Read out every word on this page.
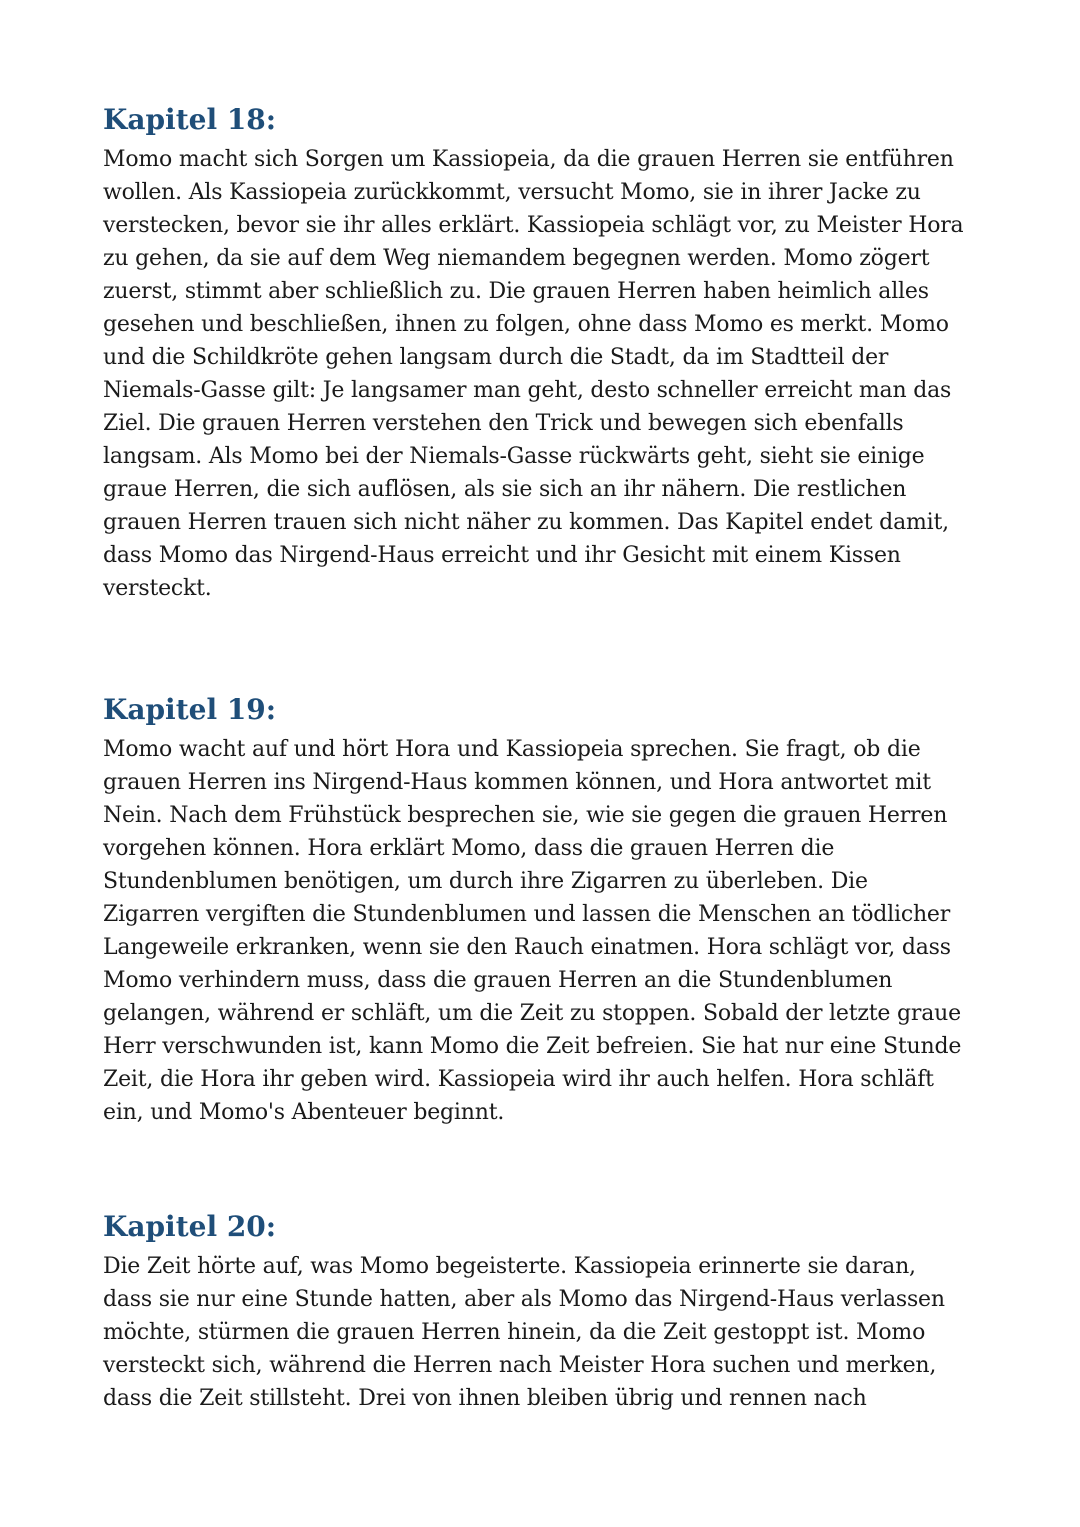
Kapitel 18:

Momo macht sich Sorgen um Kassiopeia, da die grauen Herren sie entführen
wollen. Als Kassiopeia zurückkommt, versucht Momo, sie in ihrer Jacke zu
verstecken, bevor sie ihr alles erklärt. Kassiopeia schlägt vor, zu Meister Hora
zu gehen, da sie auf dem Weg niemandem begegnen werden. Momo zögert
zuerst, stimmt aber schließlich zu. Die grauen Herren haben heimlich alles
gesehen und beschließen, ihnen zu folgen, ohne dass Momo es merkt. Momo
und die Schildkröte gehen langsam durch die Stadt, da im Stadtteil der
Niemals-Gasse gilt: Je langsamer man geht, desto schneller erreicht man das
Ziel. Die grauen Herren verstehen den Trick und bewegen sich ebenfalls
langsam. Als Momo bei der Niemals-Gasse rückwärts geht, sieht sie einige
graue Herren, die sich auflösen, als sie sich an ihr nähern. Die restlichen
grauen Herren trauen sich nicht näher zu kommen. Das Kapitel endet damit,
dass Momo das Nirgend-Haus erreicht und ihr Gesicht mit einem Kissen
versteckt.

Kapitel 19:

Momo wacht auf und hört Hora und Kassiopeia sprechen. Sie fragt, ob die
grauen Herren ins Nirgend-Haus kommen können, und Hora antwortet mit
Nein. Nach dem Frühstück besprechen sie, wie sie gegen die grauen Herren
vorgehen können. Hora erklärt Momo, dass die grauen Herren die
Stundenblumen benötigen, um durch ihre Zigarren zu überleben. Die
Zigarren vergiften die Stundenblumen und lassen die Menschen an tödlicher
Langeweile erkranken, wenn sie den Rauch einatmen. Hora schlägt vor, dass
Momo verhindern muss, dass die grauen Herren an die Stundenblumen
gelangen, während er schläft, um die Zeit zu stoppen. Sobald der letzte graue
Herr verschwunden ist, kann Momo die Zeit befreien. Sie hat nur eine Stunde
Zeit, die Hora ihr geben wird. Kassiopeia wird ihr auch helfen. Hora schläft
ein, und Momo's Abenteuer beginnt.

Kapitel 20:

Die Zeit hörte auf, was Momo begeisterte. Kassiopeia erinnerte sie daran,
dass sie nur eine Stunde hatten, aber als Momo das Nirgend-Haus verlassen
möchte, stürmen die grauen Herren hinein, da die Zeit gestoppt ist. Momo
versteckt sich, während die Herren nach Meister Hora suchen und merken,
dass die Zeit stillsteht. Drei von ihnen bleiben übrig und rennen nach
